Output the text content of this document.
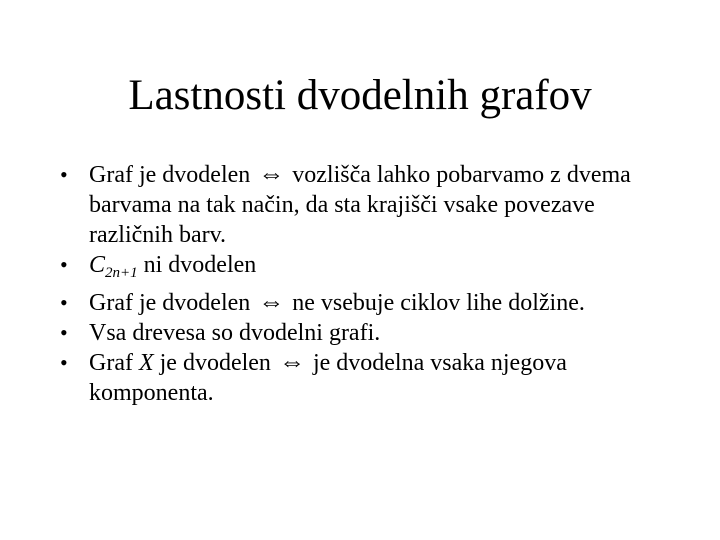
Lastnosti dvodelnih grafov
•
Graf je dvodelen ⇔ vozlišča lahko pobarvamo z dvema barvama na tak način, da sta krajišči vsake povezave različnih barv.
•
$C_{2n+1}$ ni dvodelen
•
Graf je dvodelen ⇔ ne vsebuje ciklov lihe dolžine.
•
Vsa drevesa so dvodelni grafi.
•
Graf X je dvodelen ⇔ je dvodelna vsaka njegova komponenta.
